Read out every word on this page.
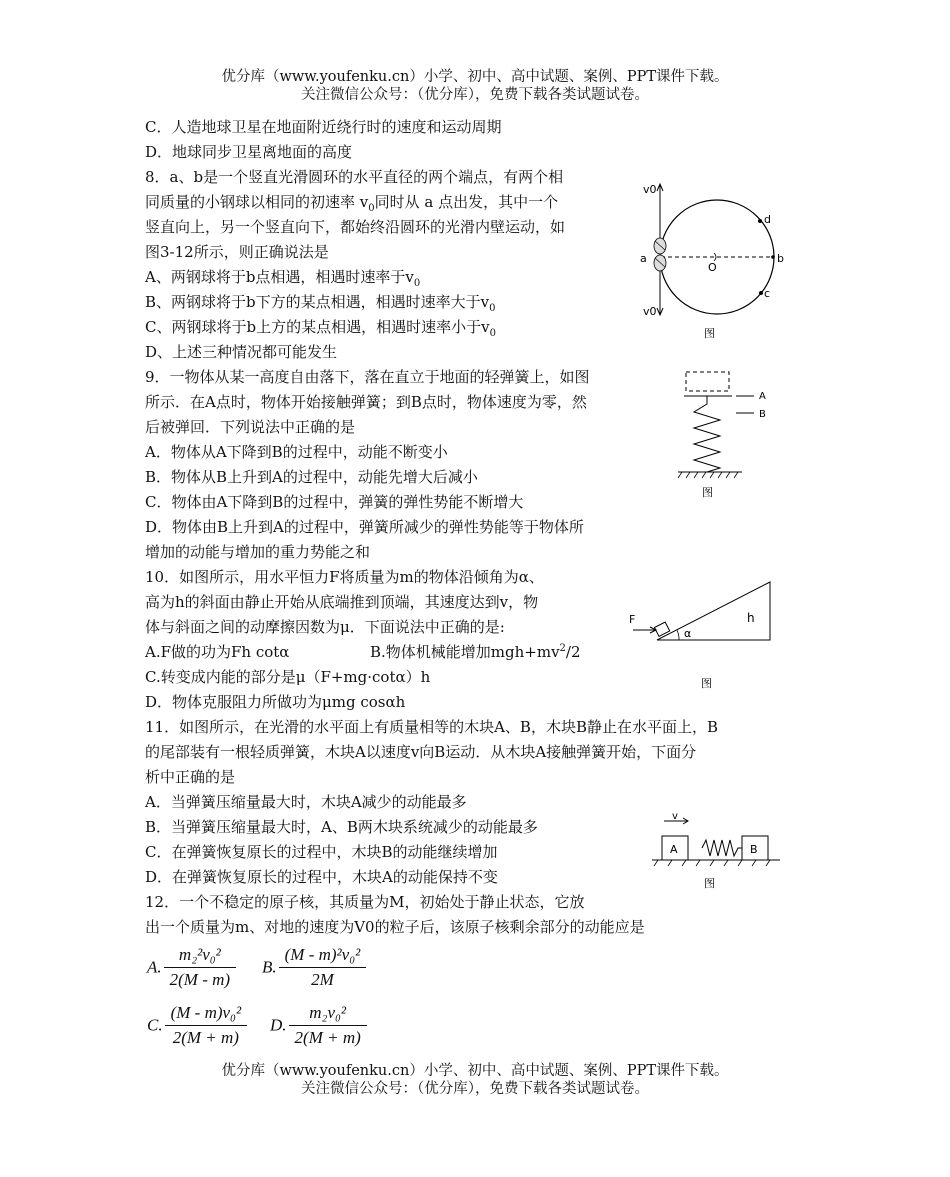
优分库（www.youfenku.cn）小学、初中、高中试题、案例、PPT课件下载。
关注微信公众号：（优分库），免费下载各类试题试卷。
C．人造地球卫星在地面附近绕行时的速度和运动周期
D．地球同步卫星离地面的高度
8．a、b是一个竖直光滑圆环的水平直径的两个端点，有两个相
同质量的小钢球以相同的初速率 $v_0$同时从 a 点出发，其中一个
竖直向上，另一个竖直向下，都始终沿圆环的光滑内壁运动，如
图3-12所示，则正确说法是
A、两钢球将于b点相遇，相遇时速率于$v_0$
B、两钢球将于b下方的某点相遇，相遇时速率大于$v_0$
C、两钢球将于b上方的某点相遇，相遇时速率小于$v_0$
D、上述三种情况都可能发生
v0
v0
a	b
c
d
O
图
9．一物体从某一高度自由落下，落在直立于地面的轻弹簧上，如图
所示．在A点时，物体开始接触弹簧；到B点时，物体速度为零，然
后被弹回．下列说法中正确的是
A．物体从A下降到B的过程中，动能不断变小
B．物体从B上升到A的过程中，动能先增大后减小
C．物体由A下降到B的过程中，弹簧的弹性势能不断增大
D．物体由B上升到A的过程中，弹簧所减少的弹性势能等于物体所
增加的动能与增加的重力势能之和
A
B
图
10．如图所示，用水平恒力F将质量为m的物体沿倾角为α、
高为h的斜面由静止开始从底端推到顶端，其速度达到v，物
体与斜面之间的动摩擦因数为μ．下面说法中正确的是:
A.F做的功为Fh cotα	B.物体机械能增加$mgh+mv^2/2$
C.转变成内能的部分是μ（F+mg·cotα）h
D．物体克服阻力所做功为μmg cosαh
F
α
h
图
11．如图所示，在光滑的水平面上有质量相等的木块A、B，木块B静止在水平面上，B
的尾部装有一根轻质弹簧，木块A以速度v向B运动．从木块A接触弹簧开始，下面分
析中正确的是
A．当弹簧压缩量最大时，木块A减少的动能最多
B．当弹簧压缩量最大时，A、B两木块系统减少的动能最多
C．在弹簧恢复原长的过程中，木块B的动能继续增加
D．在弹簧恢复原长的过程中，木块A的动能保持不变
v
A	B
图
12．一个不稳定的原子核，其质量为M，初始处于静止状态，它放
出一个质量为m、对地的速度为V0的粒子后，该原子核剩余部分的动能应是
A. $\frac{\text{m₂²v₀²}}{2(M - m)} B$. $\frac{\text{(M - m)²v₀²}}{2M}$
C. $\frac{\text{(M - m)v₀²}}{2(M + m)} D$. $\frac{\text{m₂v₀²}}{2(M + m)}$
优分库（www.youfenku.cn）小学、初中、高中试题、案例、PPT课件下载。
关注微信公众号：（优分库），免费下载各类试题试卷。
